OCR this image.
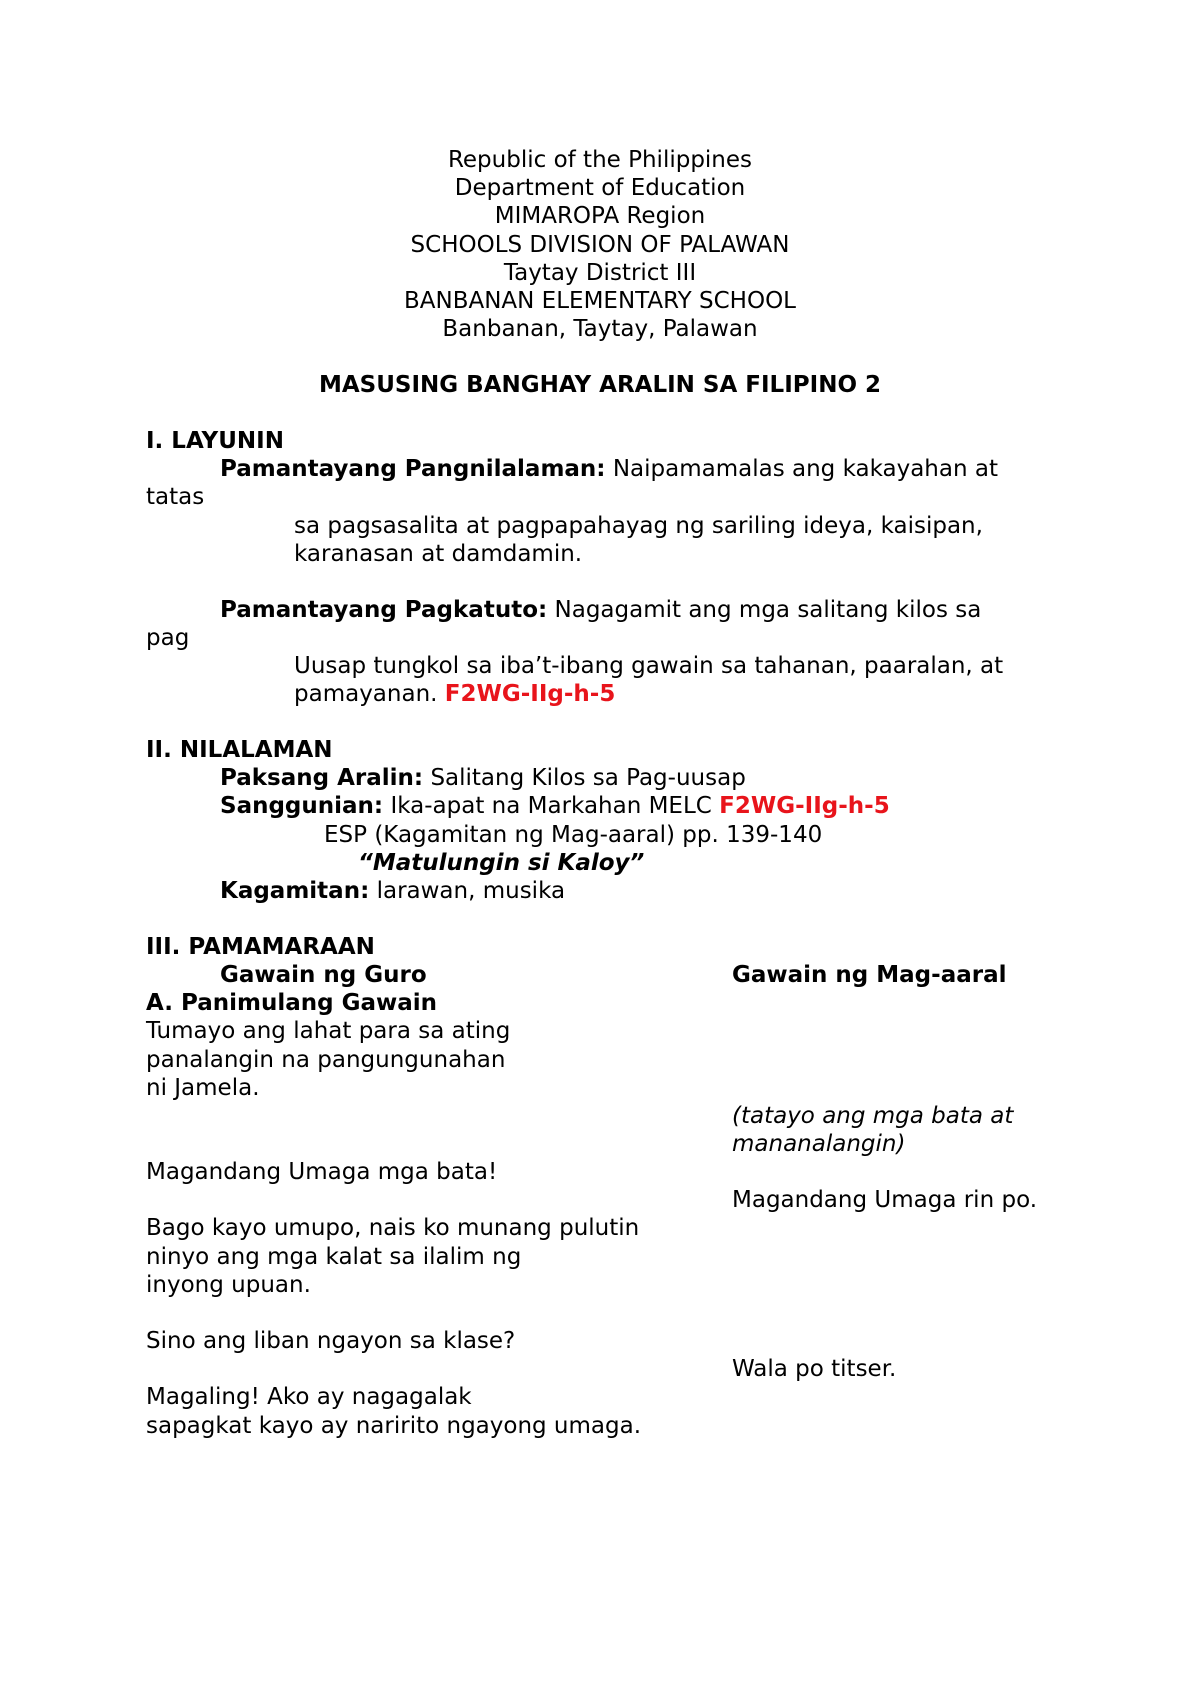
Republic of the Philippines
Department of Education
MIMAROPA Region
SCHOOLS DIVISION OF PALAWAN
Taytay District III
BANBANAN ELEMENTARY SCHOOL
Banbanan, Taytay, Palawan
MASUSING BANGHAY ARALIN SA FILIPINO 2
I. LAYUNIN
Pamantayang Pangnilalaman: Naipamamalas ang kakayahan at
tatas
sa pagsasalita at pagpapahayag ng sariling ideya, kaisipan,
karanasan at damdamin.
Pamantayang Pagkatuto: Nagagamit ang mga salitang kilos sa
pag
Uusap tungkol sa iba’t-ibang gawain sa tahanan, paaralan, at
pamayanan. F2WG-IIg-h-5
II. NILALAMAN
Paksang Aralin: Salitang Kilos sa Pag-uusap
Sanggunian: Ika-apat na Markahan MELC F2WG-IIg-h-5
ESP (Kagamitan ng Mag-aaral) pp. 139-140
“Matulungin si Kaloy”
Kagamitan: larawan, musika
III. PAMAMARAAN
Gawain ng Guro	Gawain ng Mag-aaral
A. Panimulang Gawain
Tumayo ang lahat para sa ating
panalangin na pangungunahan
ni Jamela.
(tatayo ang mga bata at
mananalangin)
Magandang Umaga mga bata!
Magandang Umaga rin po.
Bago kayo umupo, nais ko munang pulutin
ninyo ang mga kalat sa ilalim ng
inyong upuan.
Sino ang liban ngayon sa klase?
Wala po titser.
Magaling! Ako ay nagagalak
sapagkat kayo ay naririto ngayong umaga.
